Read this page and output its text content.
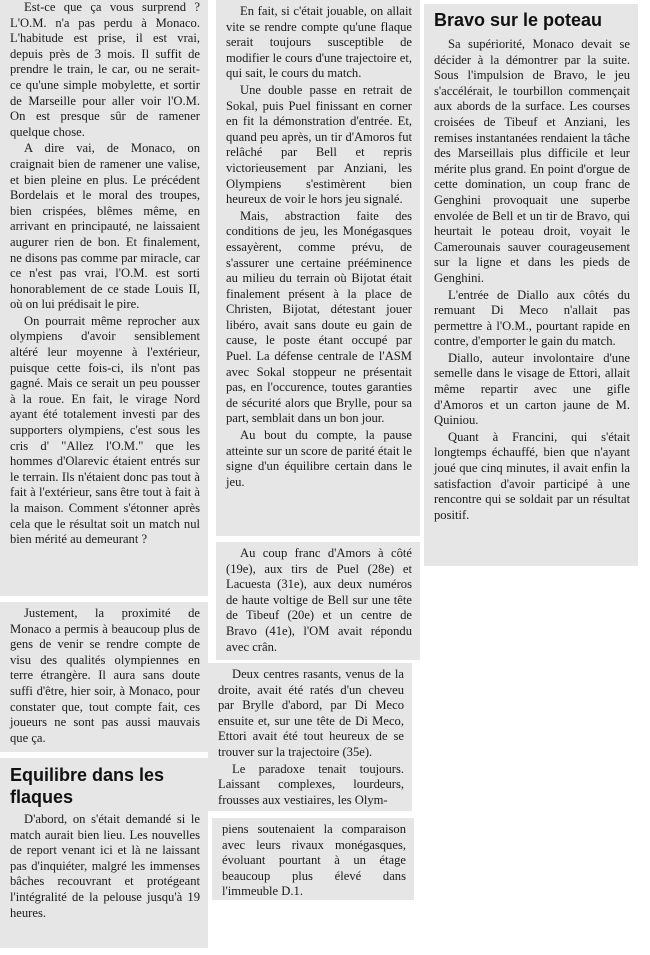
Est-ce que ça vous surprend ? L'O.M. n'a pas perdu à Monaco. L'habitude est prise, il est vrai, depuis près de 3 mois. Il suffit de prendre le train, le car, ou ne serait-ce qu'une simple mobylette, et sortir de Marseille pour aller voir l'O.M. On est presque sûr de ramener quelque chose.

A dire vai, de Monaco, on craignait bien de ramener une valise, et bien pleine en plus. Le précédent Bordelais et le moral des troupes, bien crispées, blêmes même, en arrivant en principauté, ne laissaient augurer rien de bon. Et finalement, ne disons pas comme par miracle, car ce n'est pas vrai, l'O.M. est sorti honorablement de ce stade Louis II, où on lui prédisait le pire.

On pourrait même reprocher aux olympiens d'avoir sensiblement altéré leur moyenne à l'extérieur, puisque cette fois-ci, ils n'ont pas gagné. Mais ce serait un peu pousser à la roue. En fait, le virage Nord ayant été totalement investi par des supporters olympiens, c'est sous les cris d' "Allez l'O.M." que les hommes d'Olarevic étaient entrés sur le terrain. Ils n'étaient donc pas tout à fait à l'extérieur, sans être tout à fait à la maison. Comment s'étonner après cela que le résultat soit un match nul bien mérité au demeurant ?

Justement, la proximité de Monaco a permis à beaucoup plus de gens de venir se rendre compte de visu des qualités olympiennes en terre étrangère. Il aura sans doute suffi d'être, hier soir, à Monaco, pour constater que, tout compte fait, ces joueurs ne sont pas aussi mauvais que ça.

Equilibre dans les flaques

D'abord, on s'était demandé si le match aurait bien lieu. Les nouvelles de report venant ici et là ne laissant pas d'inquiéter, malgré les immenses bâches recouvrant et protégeant l'intégralité de la pelouse jusqu'à 19 heures.

En fait, si c'était jouable, on allait vite se rendre compte qu'une flaque serait toujours susceptible de modifier le cours d'une trajectoire et, qui sait, le cours du match.

Une double passe en retrait de Sokal, puis Puel finissant en corner en fit la démonstration d'entrée. Et, quand peu après, un tir d'Amoros fut relâché par Bell et repris victorieusement par Anziani, les Olympiens s'estimèrent bien heureux de voir le hors jeu signalé.

Mais, abstraction faite des conditions de jeu, les Monégasques essayèrent, comme prévu, de s'assurer une certaine prééminence au milieu du terrain où Bijotat était finalement présent à la place de Christen, Bijotat, détestant jouer libéro, avait sans doute eu gain de cause, le poste étant occupé par Puel. La défense centrale de l'ASM avec Sokal stoppeur ne présentait pas, en l'occurence, toutes garanties de sécurité alors que Brylle, pour sa part, semblait dans un bon jour.

Au bout du compte, la pause atteinte sur un score de parité était le signe d'un équilibre certain dans le jeu.

Au coup franc d'Amors à côté (19e), aux tirs de Puel (28e) et Lacuesta (31e), aux deux numéros de haute voltige de Bell sur une tête de Tibeuf (20e) et un centre de Bravo (41e), l'OM avait répondu avec crân.

Deux centres rasants, venus de la droite, avait été ratés d'un cheveu par Brylle d'abord, par Di Meco ensuite et, sur une tête de Di Meco, Ettori avait été tout heureux de se trouver sur la trajectoire (35e).

Le paradoxe tenait toujours. Laissant complexes, lourdeurs, frousses aux vestiaires, les Olym-

piens soutenaient la comparaison avec leurs rivaux monégasques, évoluant pourtant à un étage beaucoup plus élevé dans l'immeuble D.1.

Bravo sur le poteau

Sa supériorité, Monaco devait se décider à la démontrer par la suite. Sous l'impulsion de Bravo, le jeu s'accélérait, le tourbillon commençait aux abords de la surface. Les courses croisées de Tibeuf et Anziani, les remises instantanées rendaient la tâche des Marseillais plus difficile et leur mérite plus grand. En point d'orgue de cette domination, un coup franc de Genghini provoquait une superbe envolée de Bell et un tir de Bravo, qui heurtait le poteau droit, voyait le Camerounais sauver courageusement sur la ligne et dans les pieds de Genghini.

L'entrée de Diallo aux côtés du remuant Di Meco n'allait pas permettre à l'O.M., pourtant rapide en contre, d'emporter le gain du match.

Diallo, auteur involontaire d'une semelle dans le visage de Ettori, allait même repartir avec une gifle d'Amoros et un carton jaune de M. Quiniou.

Quant à Francini, qui s'était longtemps échauffé, bien que n'ayant joué que cinq minutes, il avait enfin la satisfaction d'avoir participé à une rencontre qui se soldait par un résultat positif.
